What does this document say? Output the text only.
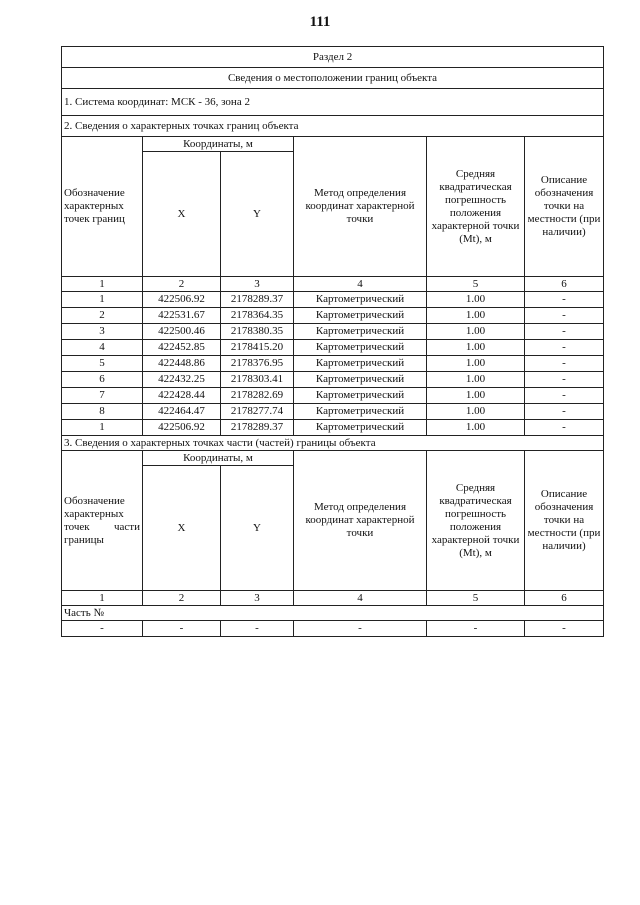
111
Раздел 2					
Сведения о местоположении границ объекта					
1. Система координат: МСК - 36, зона 2					
2. Сведения о характерных точках границ объекта					
Обозначение характерных точек границ	Координаты, м		Метод определения координат характерной точки	Средняя квадратическая погрешность положения характерной точки (Mt), м	Описание обозначения точки на местности (при наличии)
	X	Y			
1	2	3	4	5	6
1	422506.92	2178289.37	Картометрический	1.00	-
2	422531.67	2178364.35	Картометрический	1.00	-
3	422500.46	2178380.35	Картометрический	1.00	-
4	422452.85	2178415.20	Картометрический	1.00	-
5	422448.86	2178376.95	Картометрический	1.00	-
6	422432.25	2178303.41	Картометрический	1.00	-
7	422428.44	2178282.69	Картометрический	1.00	-
8	422464.47	2178277.74	Картометрический	1.00	-
1	422506.92	2178289.37	Картометрический	1.00	-
3. Сведения о характерных точках части (частей) границы объекта					
Обозначение характерных точек части границы	Координаты, м		Метод определения координат характерной точки	Средняя квадратическая погрешность положения характерной точки (Mt), м	Описание обозначения точки на местности (при наличии)
	X	Y			
1	2	3	4	5	6
Часть №					
-	-	-	-	-	-
